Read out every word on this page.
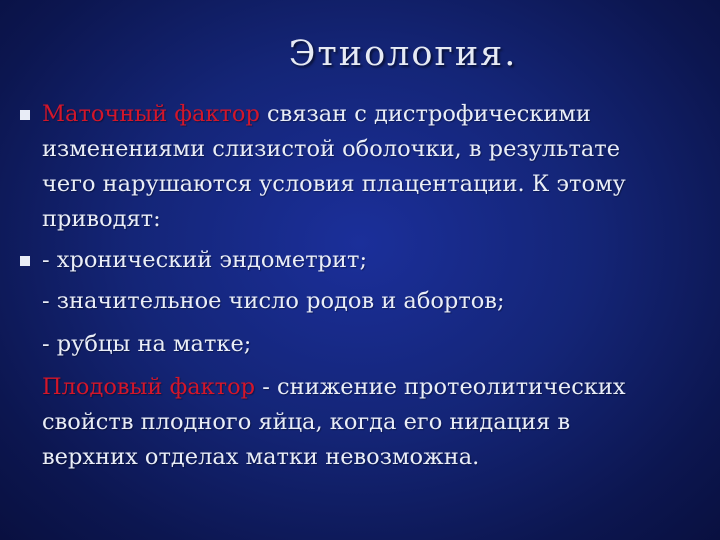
Этиология.
Маточный фактор связан с дистрофическими
изменениями слизистой оболочки, в результате
чего нарушаются условия плацентации. К этому
приводят:
- хронический эндометрит;
- значительное число родов и абортов;
- рубцы на матке;
Плодовый фактор - снижение протеолитических
свойств плодного яйца, когда его нидация в
верхних отделах матки невозможна.
